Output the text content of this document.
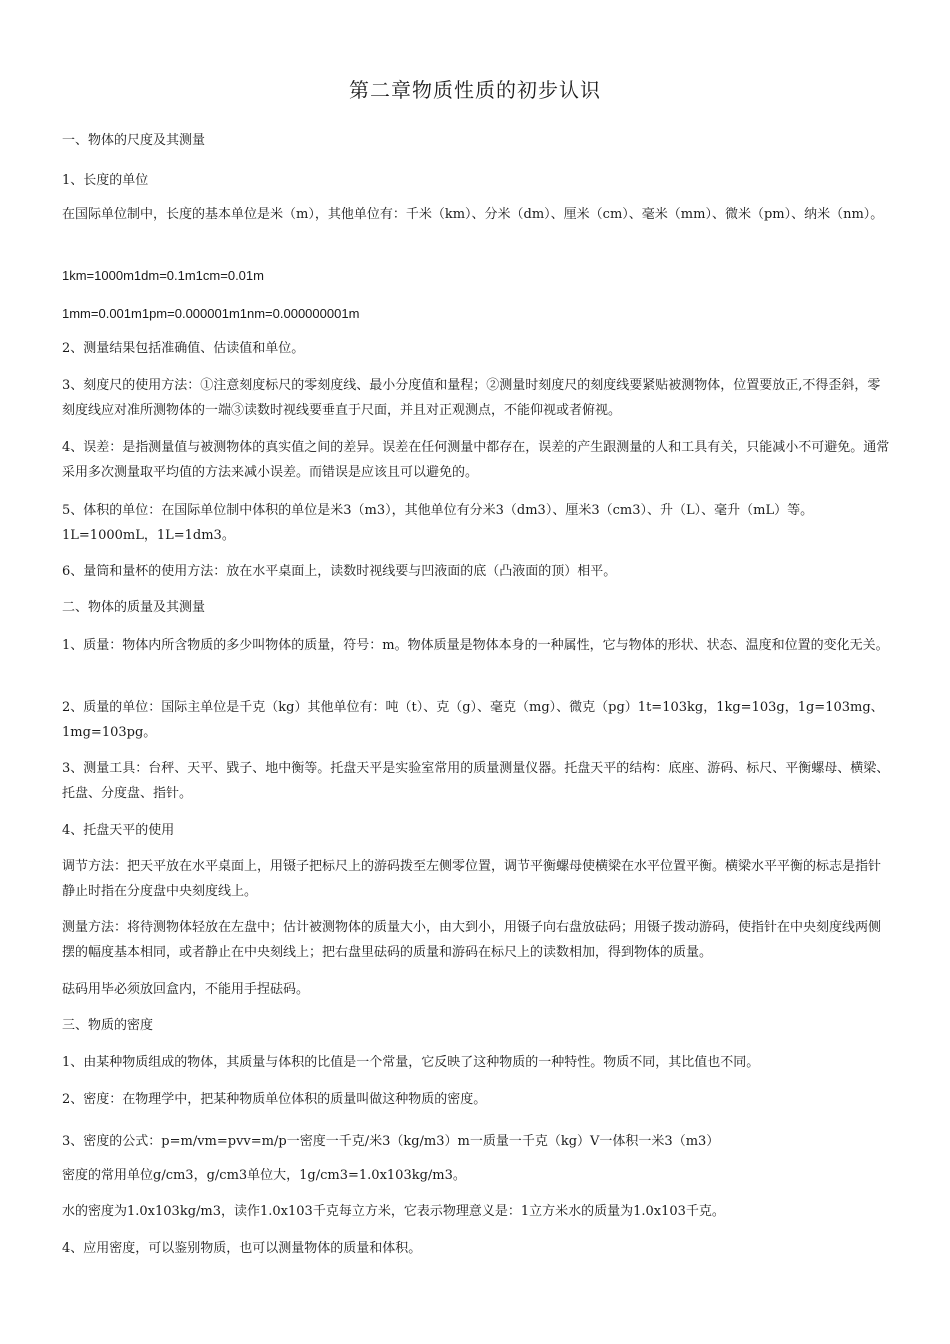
第二章物质性质的初步认识
一、物体的尺度及其测量
1、长度的单位
在国际单位制中，长度的基本单位是米（m），其他单位有：千米（km）、分米（dm）、厘米（cm）、毫米（mm）、微米（pm）、纳米（nm）。
1km=1000m1dm=0.1m1cm=0.01m
1mm=0.001m1pm=0.000001m1nm=0.000000001m
2、测量结果包括准确值、估读值和单位。
3、刻度尺的使用方法：①注意刻度标尺的零刻度线、最小分度值和量程；②测量时刻度尺的刻度线要紧贴被测物体，位置要放正,不得歪斜，零刻度线应对准所测物体的一端③读数时视线要垂直于尺面，并且对正观测点，不能仰视或者俯视。
4、误差：是指测量值与被测物体的真实值之间的差异。误差在任何测量中都存在，误差的产生跟测量的人和工具有关，只能减小不可避免。通常采用多次测量取平均值的方法来减小误差。而错误是应该且可以避免的。
5、体积的单位：在国际单位制中体积的单位是米3（m3），其他单位有分米3（dm3）、厘米3（cm3）、升（L）、毫升（mL）等。1L=1000mL，1L=1dm3。
6、量筒和量杯的使用方法：放在水平桌面上，读数时视线要与凹液面的底（凸液面的顶）相平。
二、物体的质量及其测量
1、质量：物体内所含物质的多少叫物体的质量，符号：m。物体质量是物体本身的一种属性，它与物体的形状、状态、温度和位置的变化无关。
2、质量的单位：国际主单位是千克（kg）其他单位有：吨（t）、克（g）、毫克（mg）、微克（pg）1t=103kg，1kg=103g，1g=103mg、1mg=103pg。
3、测量工具：台秤、天平、戥子、地中衡等。托盘天平是实验室常用的质量测量仪器。托盘天平的结构：底座、游码、标尺、平衡螺母、横梁、托盘、分度盘、指针。
4、托盘天平的使用
调节方法：把天平放在水平桌面上，用镊子把标尺上的游码拨至左侧零位置，调节平衡螺母使横梁在水平位置平衡。横梁水平平衡的标志是指针静止时指在分度盘中央刻度线上。
测量方法：将待测物体轻放在左盘中；估计被测物体的质量大小，由大到小，用镊子向右盘放砝码；用镊子拨动游码，使指针在中央刻度线两侧摆的幅度基本相同，或者静止在中央刻线上；把右盘里砝码的质量和游码在标尺上的读数相加，得到物体的质量。
砝码用毕必须放回盒内，不能用手捏砝码。
三、物质的密度
1、由某种物质组成的物体，其质量与体积的比值是一个常量，它反映了这种物质的一种特性。物质不同，其比值也不同。
2、密度：在物理学中，把某种物质单位体积的质量叫做这种物质的密度。
3、密度的公式：p=m/vm=pvv=m/p一密度一千克/米3（kg/m3）m一质量一千克（kg）V一体积一米3（m3）
密度的常用单位g/cm3，g/cm3单位大，1g/cm3=1.0x103kg/m3。
水的密度为1.0x103kg/m3，读作1.0x103千克每立方米，它表示物理意义是：1立方米水的质量为1.0x103千克。
4、应用密度，可以鉴别物质，也可以测量物体的质量和体积。
